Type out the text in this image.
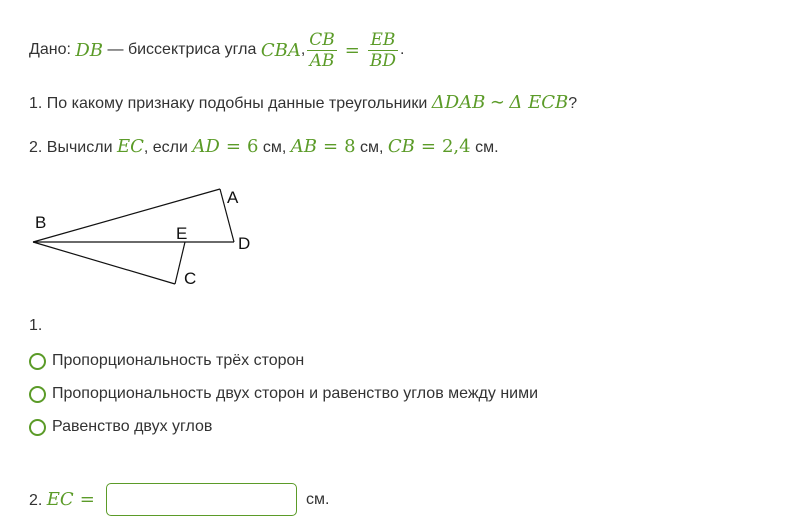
Дано:
DB
— биссектриса угла
CBA , $\frac{CB}{AB} = \frac{EB}{BD}$ .
1. По какому признаку подобны данные треугольники ΔDAB ∼ Δ ECB?
2. Вычисли EC, если AD = 6 см, AB = 8 см, CB = 2,4 см.
B
A
E
D
C
1.
Пропорциональность трёх сторон
Пропорциональность двух сторон и равенство углов между ними
Равенство двух углов
2. EC =	см.
